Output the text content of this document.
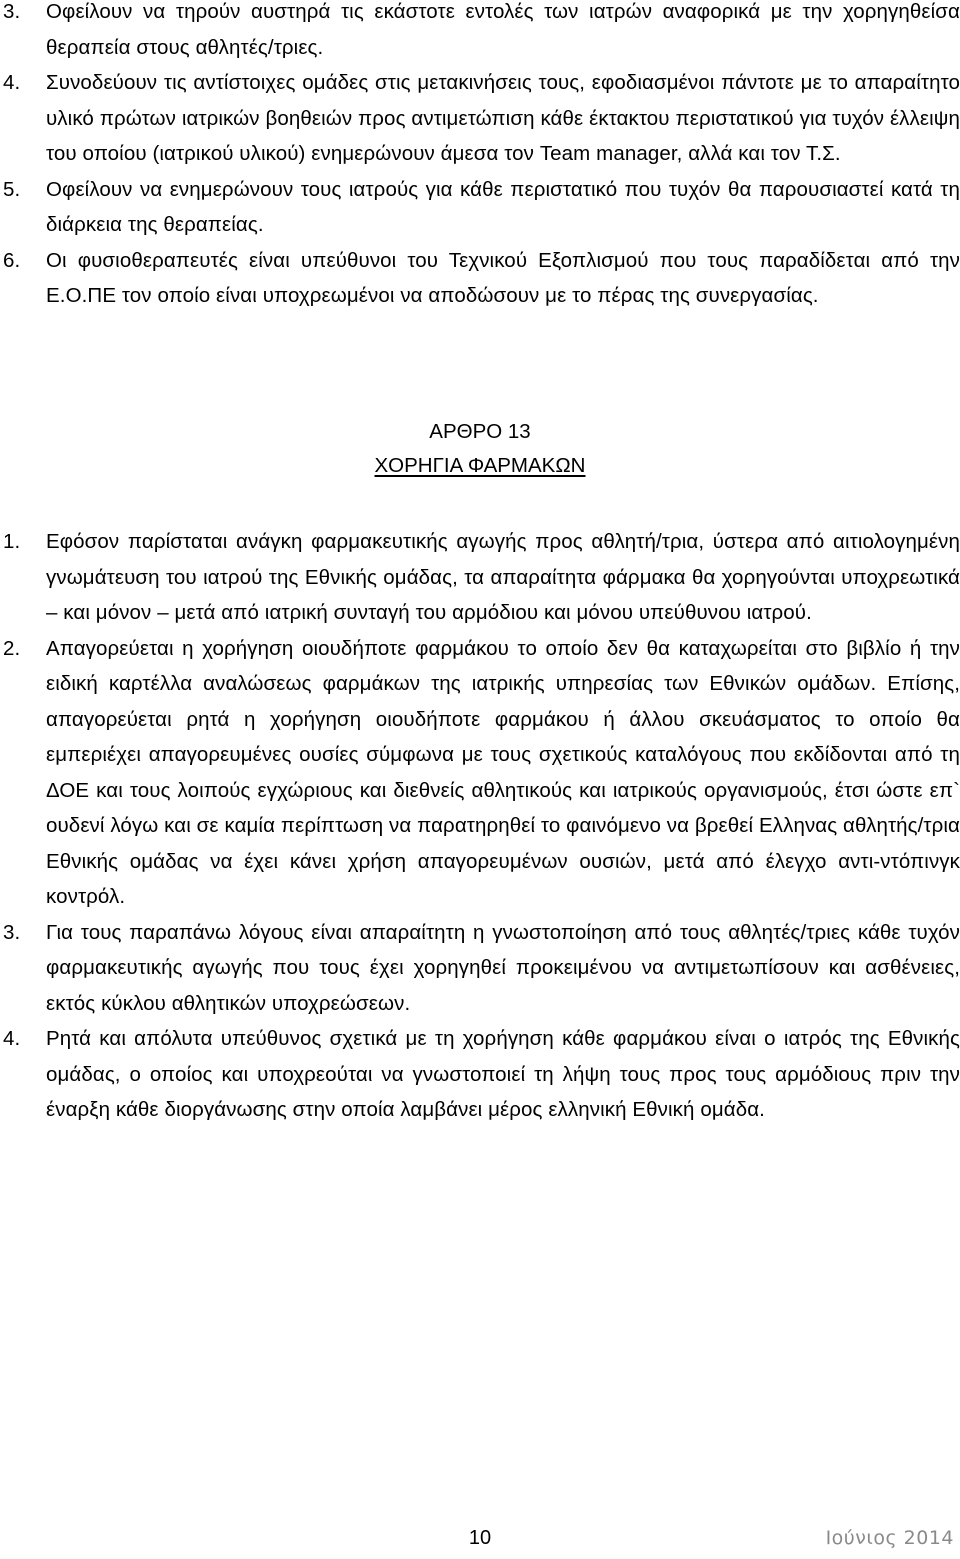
3. Οφείλουν να τηρούν αυστηρά τις εκάστοτε εντολές των ιατρών αναφορικά με την χορηγηθείσα θεραπεία στους αθλητές/τριες.
4. Συνοδεύουν τις αντίστοιχες ομάδες στις μετακινήσεις τους, εφοδιασμένοι πάντοτε με το απαραίτητο υλικό πρώτων ιατρικών βοηθειών προς αντιμετώπιση κάθε έκτακτου περιστατικού για τυχόν έλλειψη του οποίου (ιατρικού υλικού) ενημερώνουν άμεσα τον Team manager, αλλά και τον Τ.Σ.
5. Οφείλουν να ενημερώνουν τους ιατρούς για κάθε περιστατικό που τυχόν θα παρουσιαστεί κατά τη διάρκεια της θεραπείας.
6. Οι φυσιοθεραπευτές είναι υπεύθυνοι του Τεχνικού Εξοπλισμού που τους παραδίδεται από την Ε.Ο.ΠΕ τον οποίο είναι υποχρεωμένοι να αποδώσουν με το πέρας της συνεργασίας.
ΑΡΘΡΟ 13
ΧΟΡΗΓΙΑ ΦΑΡΜΑΚΩΝ
1. Εφόσον παρίσταται ανάγκη φαρμακευτικής αγωγής προς αθλητή/τρια, ύστερα από αιτιολογημένη γνωμάτευση του ιατρού της Εθνικής ομάδας, τα απαραίτητα φάρμακα θα χορηγούνται υποχρεωτικά – και μόνον – μετά από ιατρική συνταγή του αρμόδιου και μόνου υπεύθυνου ιατρού.
2. Απαγορεύεται η χορήγηση οιουδήποτε φαρμάκου το οποίο δεν θα καταχωρείται στο βιβλίο ή την ειδική καρτέλλα αναλώσεως φαρμάκων της ιατρικής υπηρεσίας των Εθνικών ομάδων. Επίσης, απαγορεύεται ρητά η χορήγηση οιουδήποτε φαρμάκου ή άλλου σκευάσματος το οποίο θα εμπεριέχει απαγορευμένες ουσίες σύμφωνα με τους σχετικούς καταλόγους που εκδίδονται από τη ΔΟΕ και τους λοιπούς εγχώριους και διεθνείς αθλητικούς και ιατρικούς οργανισμούς, έτσι ώστε επ` ουδενί λόγω και σε καμία περίπτωση να παρατηρηθεί το φαινόμενο να βρεθεί Ελληνας αθλητής/τρια Εθνικής ομάδας να έχει κάνει χρήση απαγορευμένων ουσιών, μετά από έλεγχο αντι-ντόπινγκ κοντρόλ.
3. Για τους παραπάνω λόγους είναι απαραίτητη η γνωστοποίηση από τους αθλητές/τριες κάθε τυχόν φαρμακευτικής αγωγής που τους έχει χορηγηθεί προκειμένου να αντιμετωπίσουν και ασθένειες, εκτός κύκλου αθλητικών υποχρεώσεων.
4. Ρητά και απόλυτα υπεύθυνος σχετικά με τη χορήγηση κάθε φαρμάκου είναι ο ιατρός της Εθνικής ομάδας, ο οποίος και υποχρεούται να γνωστοποιεί τη λήψη τους προς τους αρμόδιους πριν την έναρξη κάθε διοργάνωσης στην οποία λαμβάνει μέρος ελληνική Εθνική ομάδα.
10	Ιούνιος 2014
